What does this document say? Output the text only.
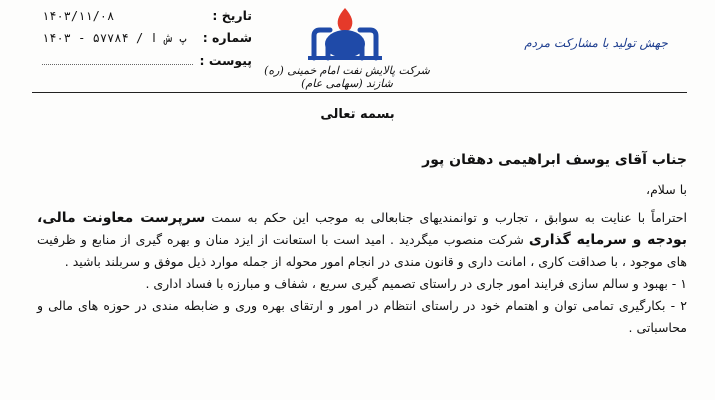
تاریخ :
۱۴۰۳/۱۱/۰۸
شماره :
پ ش ا / ۵۷۷۸۴ - ۱۴۰۳
پیوست :
شرکت پالایش نفت امام خمینی (ره) شازند (سهامی عام)
جهش تولید با مشارکت مردم
بسمه تعالی
جناب آقای یوسف ابراهیمی دهقان پور
با سلام،
احتراماً با عنایت به سوابق ، تجارب و توانمندیهای جنابعالی به موجب این حکم به سمت سرپرست معاونت مالی، بودجه و سرمایه گذاری شرکت منصوب میگردید . امید است با استعانت از ایزد منان و بهره گیری از منابع و ظرفیت های موجود ، با صداقت کاری ، امانت داری و قانون مندی در انجام امور محوله از جمله موارد ذیل موفق و سربلند باشید .
۱ - بهبود و سالم سازی فرایند امور جاری در راستای تصمیم گیری سریع ، شفاف و مبارزه با فساد اداری .
۲ - بکارگیری تمامی توان و اهتمام خود در راستای انتظام در امور و ارتقای بهره وری و ضابطه مندی در حوزه های مالی و محاسباتی .
